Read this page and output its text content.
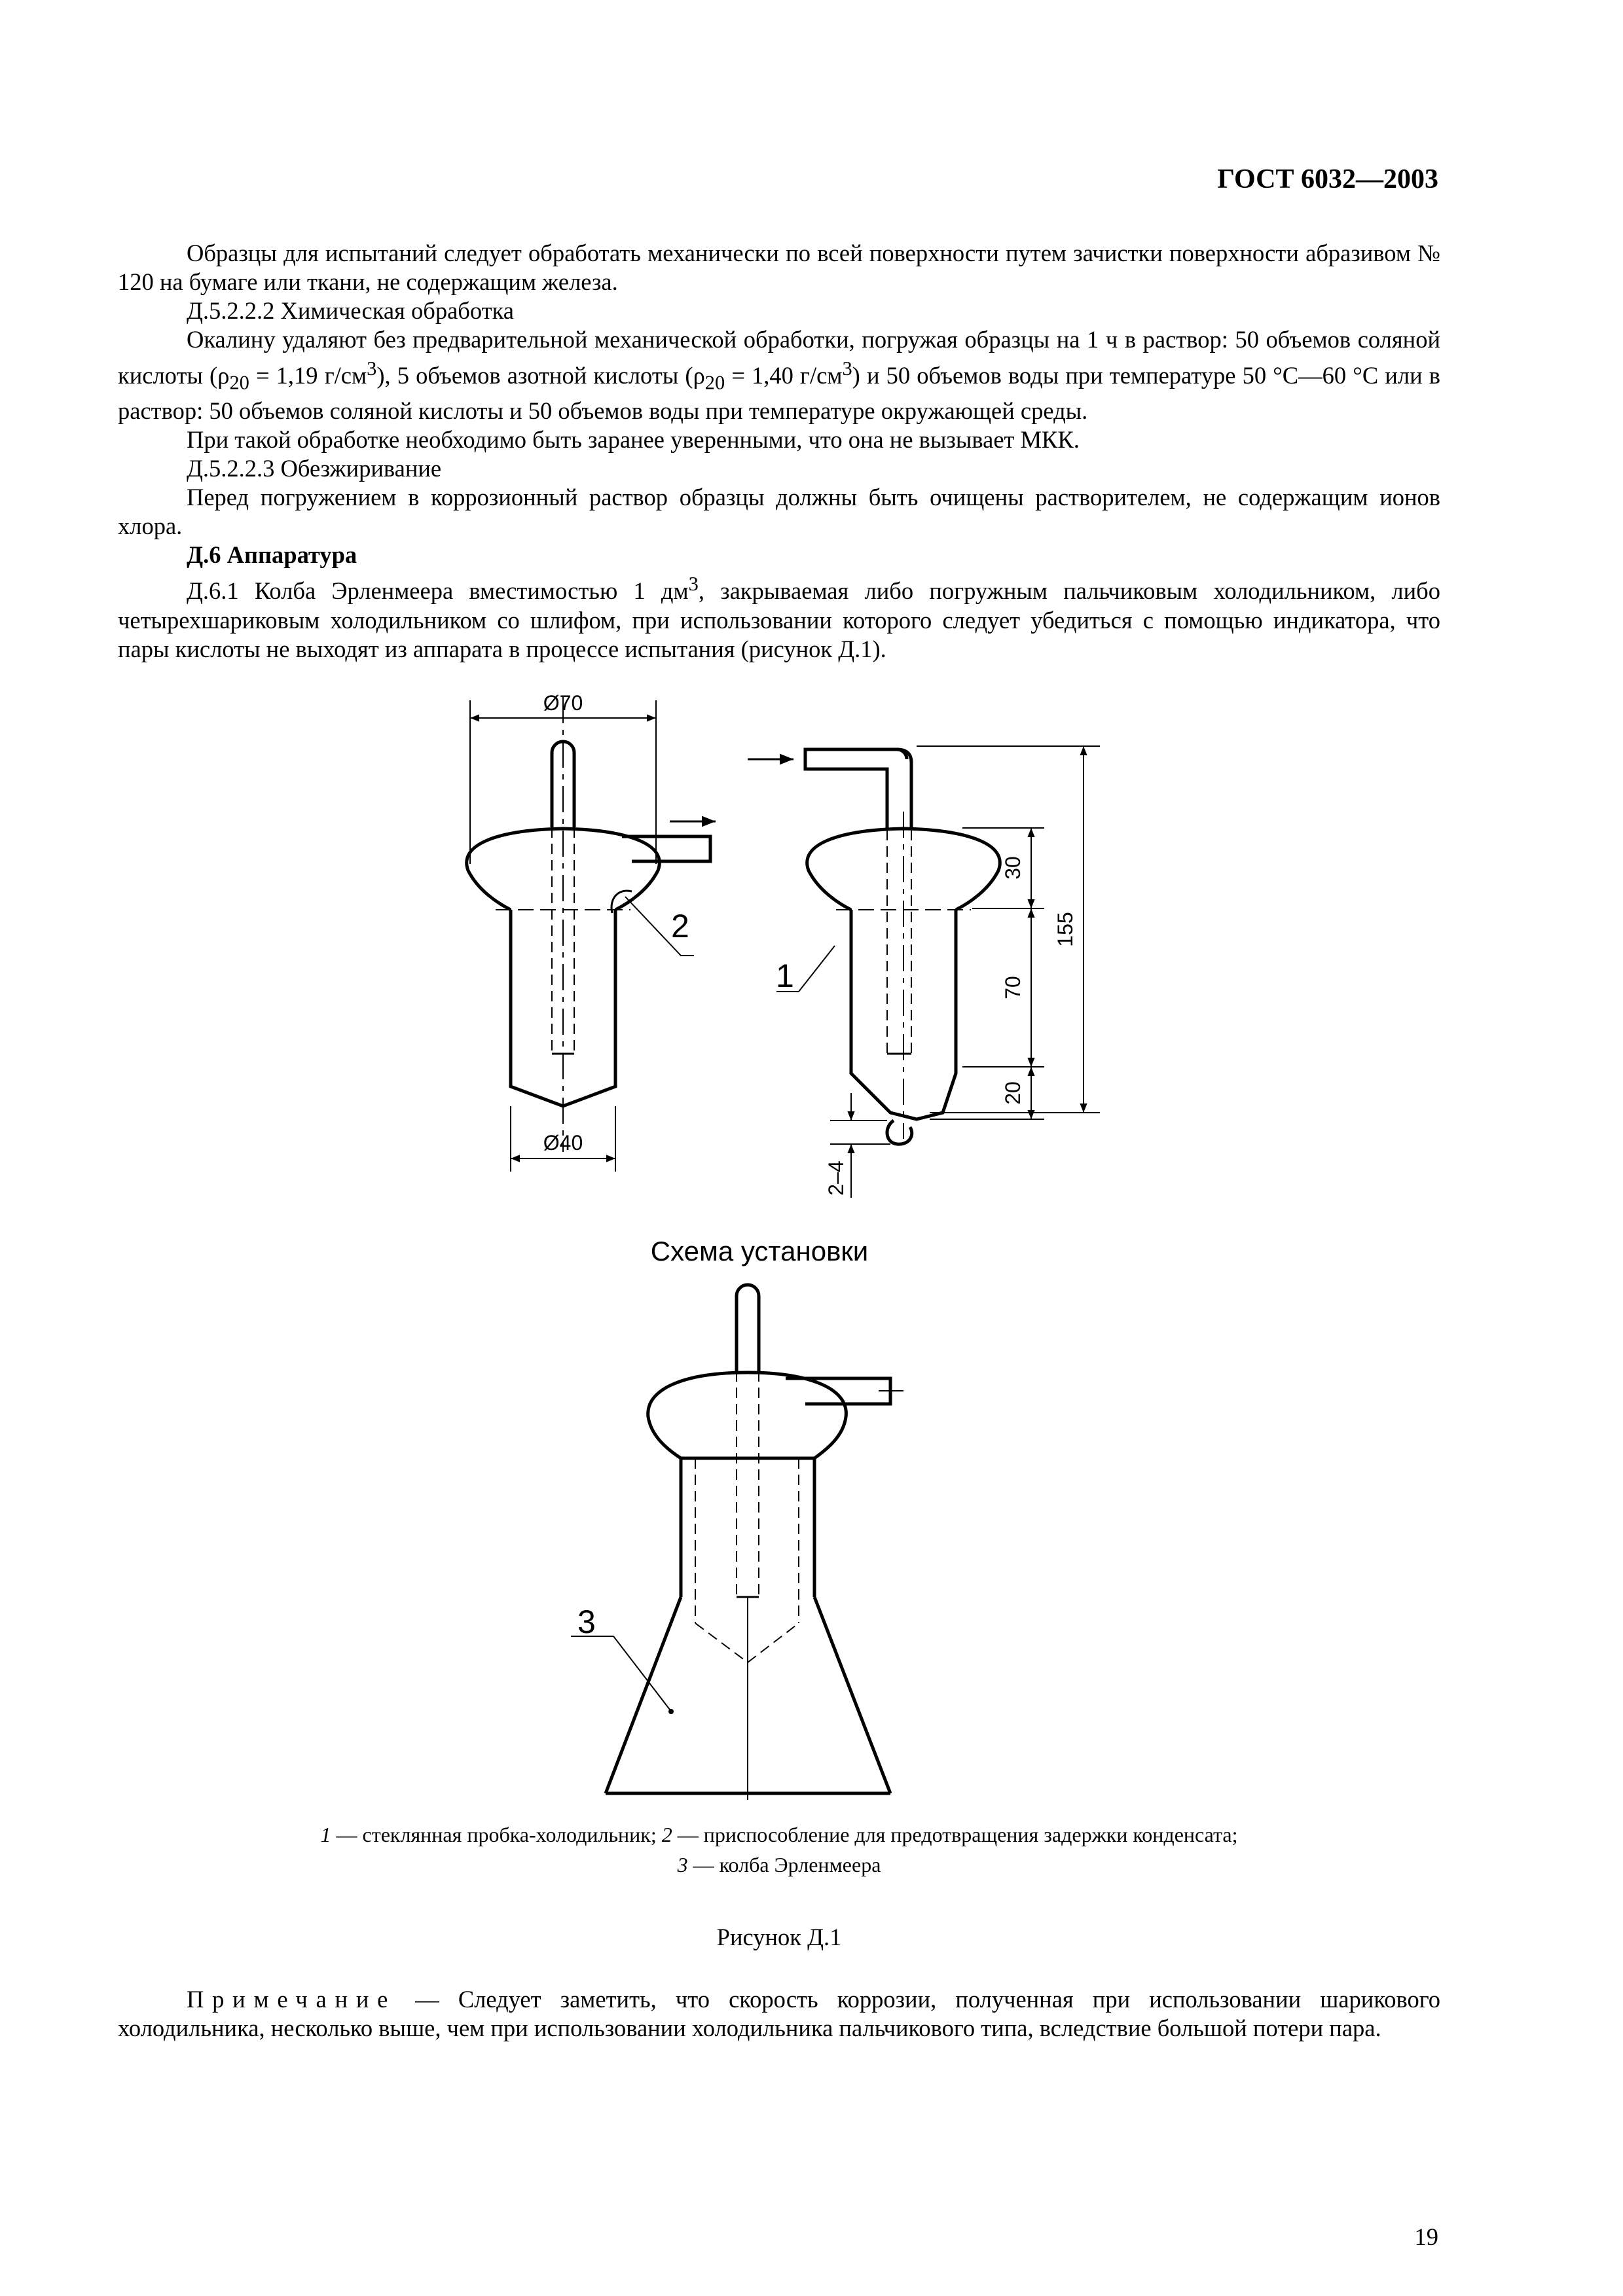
ГОСТ 6032—2003

Образцы для испытаний следует обработать механически по всей поверхности путем зачистки поверхности абразивом № 120 на бумаге или ткани, не содержащим железа.

Д.5.2.2.2 Химическая обработка

Окалину удаляют без предварительной механической обработки, погружая образцы на 1 ч в раствор: 50 объемов соляной кислоты ($\rho_{20} = 1,19$ $г/см^3$), 5 объемов азотной кислоты ($\rho_{20} = 1,40$ $г/см^3$) и 50 объемов воды при температуре 50 °С—60 °С или в раствор: 50 объемов соляной кислоты и 50 объемов воды при температуре окружающей среды.

При такой обработке необходимо быть заранее уверенными, что она не вызывает МКК.

Д.5.2.2.3 Обезжиривание

Перед погружением в коррозионный раствор образцы должны быть очищены растворителем, не содержащим ионов хлора.

Д.6 Аппаратура

Д.6.1 Колба Эрленмеера вместимостью 1 $дм^3$, закрываемая либо погружным пальчиковым холодильником, либо четырехшариковым холодильником со шлифом, при использовании которого следует убедиться с помощью индикатора, что пары кислоты не выходят из аппарата в процессе испытания (рисунок Д.1).

Ø70
Ø40
2
1
30
70
20
155
2–4
Схема установки
3

1 — стеклянная пробка-холодильник; 2 — приспособление для предотвращения задержки конденсата;
3 — колба Эрленмеера

Рисунок Д.1

Примечание — Следует заметить, что скорость коррозии, полученная при использовании шарикового холодильника, несколько выше, чем при использовании холодильника пальчикового типа, вследствие большой потери пара.

19
